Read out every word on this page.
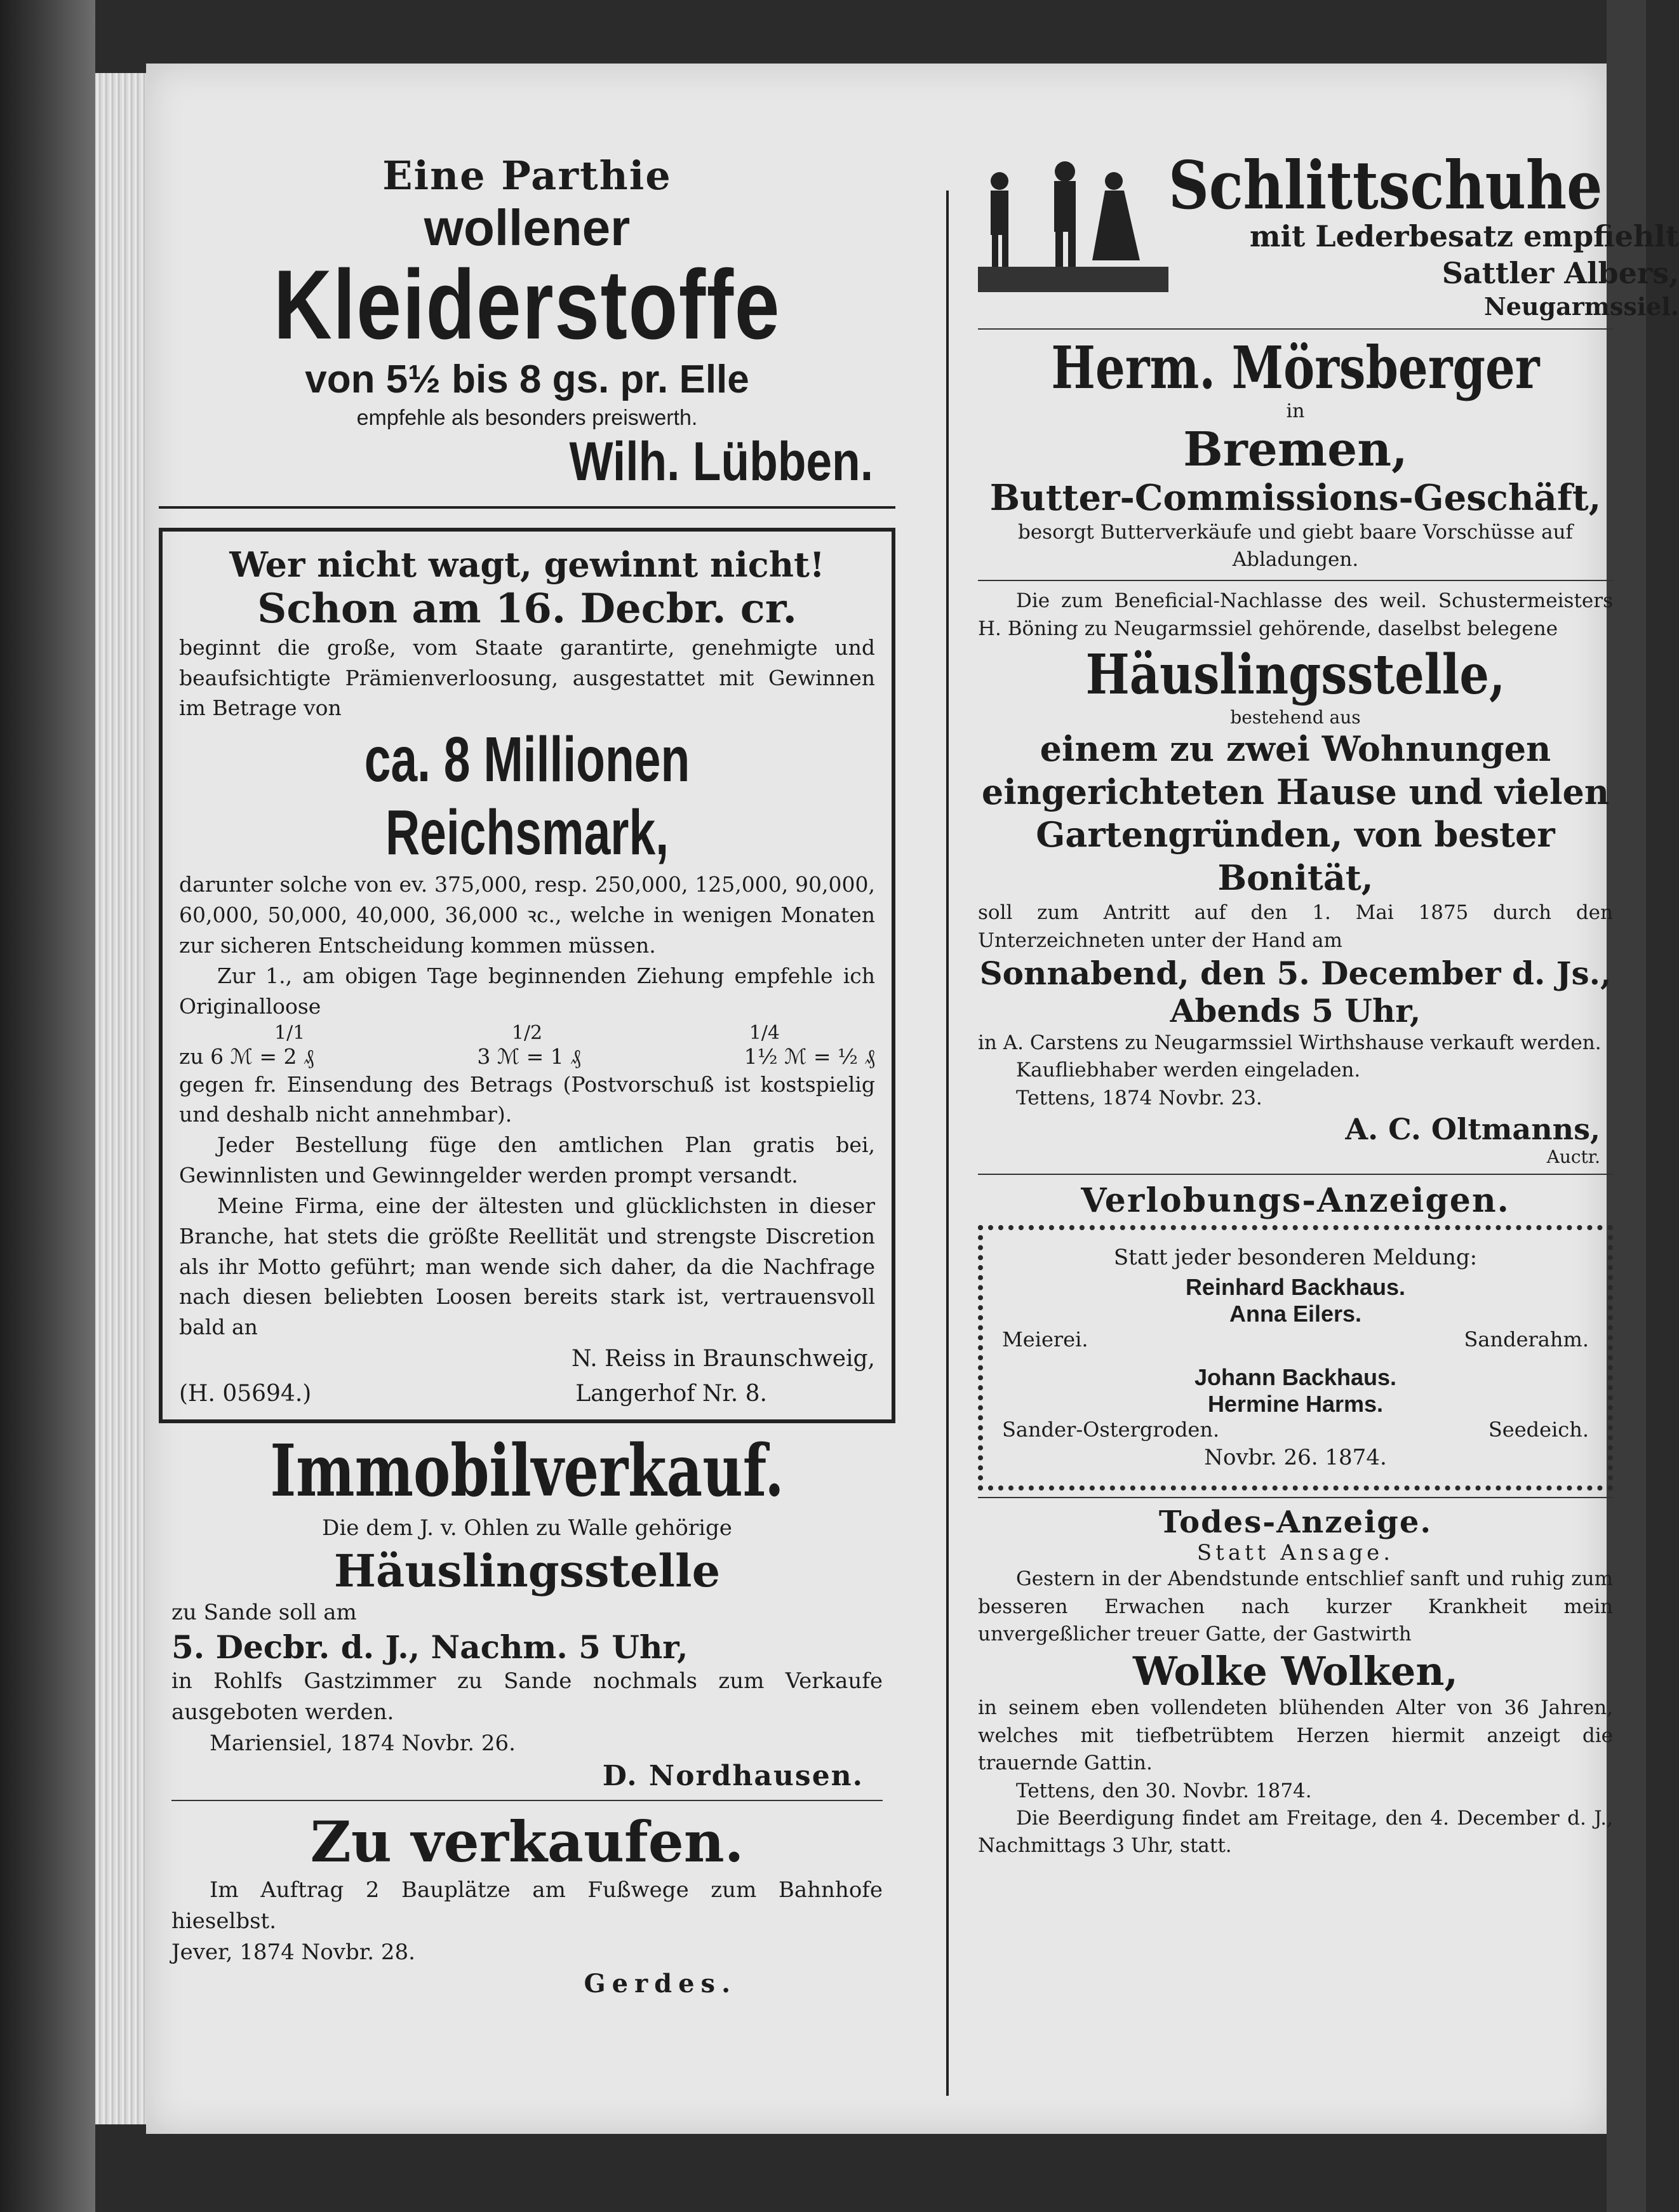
Eine Parthie
wollener
Kleiderstoffe
von 5½ bis 8 gs. pr. Elle
empfehle als besonders preiswerth.
Wilh. Lübben.
Wer nicht wagt, gewinnt nicht!
Schon am 16. Decbr. cr.
beginnt die große, vom Staate garantirte, genehmigte und beaufsichtigte Prämienverloosung, ausgestattet mit Gewinnen im Betrage von
ca. 8 Millionen Reichsmark,
darunter solche von ev. 375,000, resp. 250,000, 125,000, 90,000, 60,000, 50,000, 40,000, 36,000 ꝛc., welche in wenigen Monaten zur sicheren Entscheidung kommen müssen.
Zur 1., am obigen Tage beginnenden Ziehung empfehle ich Originalloose
1/1	1/2	1/4
zu 6 ℳ = 2 ₰	3 ℳ = 1 ₰	1½ ℳ = ½ ₰
gegen fr. Einsendung des Betrags (Postvorschuß ist kostspielig und deshalb nicht annehmbar).
Jeder Bestellung füge den amtlichen Plan gratis bei, Gewinnlisten und Gewinngelder werden prompt versandt.
Meine Firma, eine der ältesten und glücklichsten in dieser Branche, hat stets die größte Reellität und strengste Discretion als ihr Motto geführt; man wende sich daher, da die Nachfrage nach diesen beliebten Loosen bereits stark ist, vertrauensvoll bald an
N. Reiss in Braunschweig,
(H. 05694.)	Langerhof Nr. 8.
Immobilverkauf.
Die dem J. v. Ohlen zu Walle gehörige
Häuslingsstelle
zu Sande soll am
5. Decbr. d. J., Nachm. 5 Uhr,
in Rohlfs Gastzimmer zu Sande nochmals zum Verkaufe ausgeboten werden.
Mariensiel, 1874 Novbr. 26.
D. Nordhausen.
Zu verkaufen.
Im Auftrag 2 Bauplätze am Fußwege zum Bahnhofe hieselbst.
Jever, 1874 Novbr. 28.
Gerdes.
Schlittschuhe
mit Lederbesatz empfiehlt
Sattler Albers,
Neugarmssiel.
Herm. Mörsberger
in
Bremen,
Butter-Commissions-Geschäft,
besorgt Butterverkäufe und giebt baare Vorschüsse auf Abladungen.
Die zum Beneficial-Nachlasse des weil. Schustermeisters H. Böning zu Neugarmssiel gehörende, daselbst belegene
Häuslingsstelle,
bestehend aus
einem zu zwei Wohnungen eingerichteten Hause und vielen Gartengründen, von bester Bonität,
soll zum Antritt auf den 1. Mai 1875 durch den Unterzeichneten unter der Hand am
Sonnabend, den 5. December d. Js.,
Abends 5 Uhr,
in A. Carstens zu Neugarmssiel Wirthshause verkauft werden.
Kaufliebhaber werden eingeladen.
Tettens, 1874 Novbr. 23.
A. C. Oltmanns,
Auctr.
Verlobungs-Anzeigen.
Statt jeder besonderen Meldung:
Reinhard Backhaus.
Anna Eilers.
Meierei.	Sanderahm.
Johann Backhaus.
Hermine Harms.
Sander-Ostergroden.	Seedeich.
Novbr. 26. 1874.
Todes-Anzeige.
Statt Ansage.
Gestern in der Abendstunde entschlief sanft und ruhig zum besseren Erwachen nach kurzer Krankheit mein unvergeßlicher treuer Gatte, der Gastwirth
Wolke Wolken,
in seinem eben vollendeten blühenden Alter von 36 Jahren, welches mit tiefbetrübtem Herzen hiermit anzeigt die trauernde Gattin.
Tettens, den 30. Novbr. 1874.
Die Beerdigung findet am Freitage, den 4. December d. J., Nachmittags 3 Uhr, statt.
